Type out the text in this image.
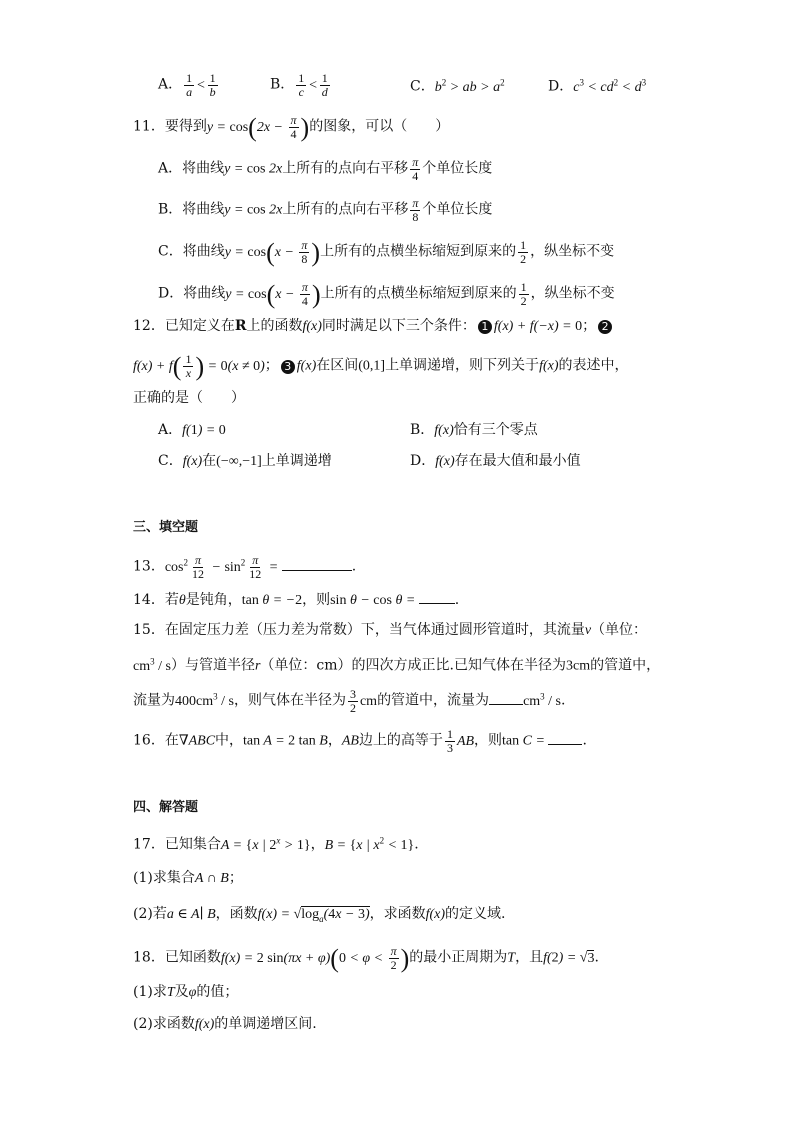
A． $\frac{1}{a} < \frac{1}{b}$	B． $\frac{1}{c} < \frac{1}{d}$	C．$b^2$ > ab > $a^2$	D．$c^3 < cd^2 < d^3$
11．要得到$y = \cos(2x - \frac{\pi}{4}$ )的图象，可以（　　）
A．将曲线y = cos 2x上所有的点向右平移 $\frac{\pi}{4}$ 个单位长度
B．将曲线y = cos 2x上所有的点向右平移 $\frac{\pi}{8}$ 个单位长度
C．将曲线$y = \cos(x - \frac{\pi}{8}$ )上所有的点横坐标缩短到原来的 $\frac{1}{2}$ ，纵坐标不变
D．将曲线$y = \cos(x - \frac{\pi}{4}$ )上所有的点横坐标缩短到原来的 $\frac{1}{2}$ ，纵坐标不变
12．已知定义在R上的函数f(x)同时满足以下三个条件： 1 f(x) + f(−x) = 0； 2
$f(x) + f( \frac{1}{x}$ ) = 0(x ≠ 0)； 3 f(x)在区间(0,1]上单调递增，则下列关于f(x)的表述中，
正确的是（　　）
A．f(1) = 0	B．f(x)恰有三个零点
C．f(x)在(−∞,−1]上单调递增	D．f(x)存在最大值和最小值
三、填空题
13．$\cos^2 \frac{\pi}{12} - \sin^2 \frac{\pi}{12}$ =	.
14．若θ是钝角，tan θ = −2，则sin θ − cos θ =	.
15．在固定压力差（压力差为常数）下，当气体通过圆形管道时，其流量v（单位：
$cm^3 / s$）与管道半径r（单位：cm）的四次方成正比.已知气体在半径为3cm的管道中，
流量为$400cm^3$ / s，则气体在半径为 $\frac{3}{2}$ cm的管道中，流量为 $cm^3$ / s.
16．在∇ABC中，tan A = 2 tan B，AB边上的高等于 $\frac{1}{3}$ AB，则tan C = .
四、解答题
17．已知集合A = {x | $2^x > 1$}，B = {x | $x^2 < 1$}.
(1)求集合A ∩ B；
(2)若a ∈ A∣ B，函数$f(x) = √\log_a(4x - 3)$，求函数f(x)的定义域.
18．已知函数f(x) = 2 $\sin(\pi x + \varphi)(0 < \varphi < \frac{\pi}{2}$ )的最小正周期为T，且f(2) = √3.
(1)求T及φ的值；
(2)求函数f(x)的单调递增区间.
